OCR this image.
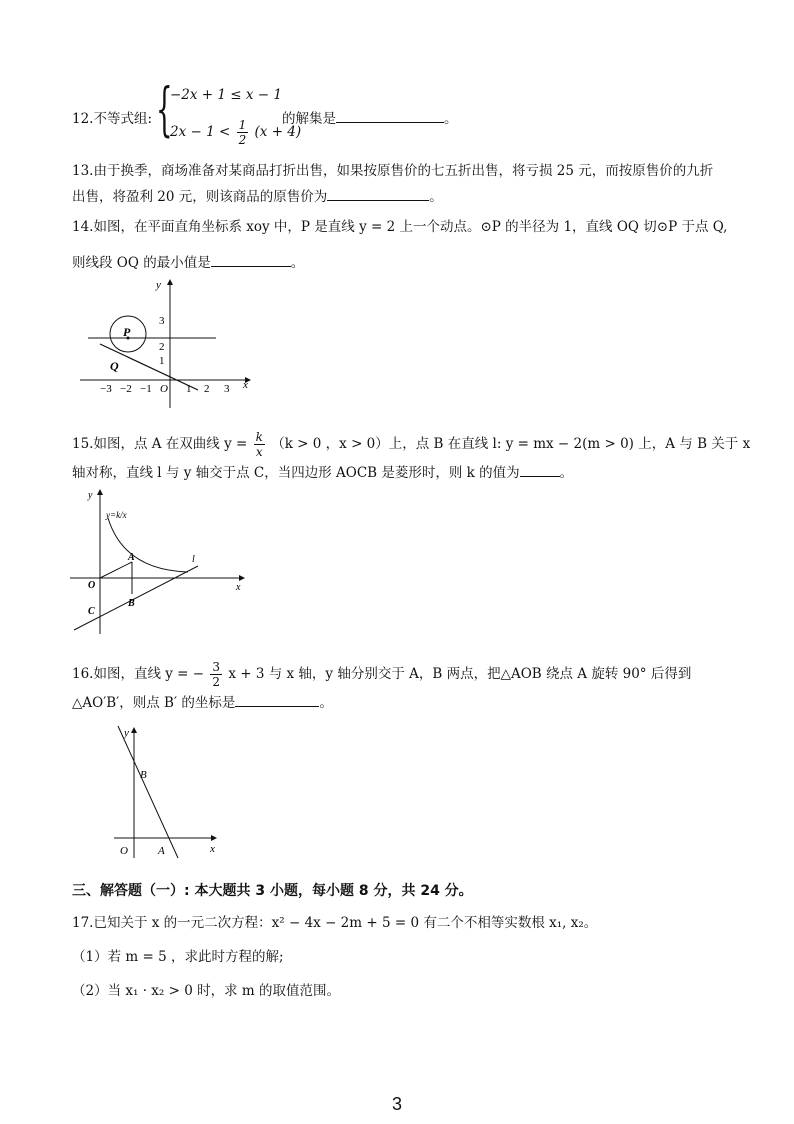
12.不等式组: {
−2x + 1 ≤ x − 1
$2x - 1 < \frac{1}{2} (x + 4)$
的解集是	。
13.由于换季，商场准备对某商品打折出售，如果按原售价的七五折出售，将亏损 25 元，而按原售价的九折
出售，将盈利 20 元，则该商品的原售价为	。
14.如图，在平面直角坐标系 xoy 中，P 是直线 y = 2 上一个动点。⊙P 的半径为 1，直线 OQ 切⊙P 于点 Q,
则线段 OQ 的最小值是	。
y
x
3
2
1
P
Q
O
−3 −2 −1	1 2 3
15.如图，点 A 在双曲线 $y = \frac{k}{x} (k > 0$ ，x > 0）上，点 B 在直线 l: y = mx − 2(m > 0) 上，A 与 B 关于 x
轴对称，直线 l 与 y 轴交于点 C，当四边形 AOCB 是菱形时，则 k 的值为	。
y
x
y=k/x
A
B
C
O
l
16.如图，直线 y = − $\frac{3}{2}$ x + 3 与 x 轴，y 轴分别交于 A，B 两点，把△AOB 绕点 A 旋转 90° 后得到
△AO′B′，则点 B′ 的坐标是	。
y
x
B
O	A
三、解答题（一）: 本大题共 3 小题，每小题 8 分，共 24 分。
17.已知关于 x 的一元二次方程：x² − 4x − 2m + 5 = 0 有二个不相等实数根 x₁, x₂。
（1）若 m = 5 ，求此时方程的解;
（2）当 x₁ · x₂ > 0 时，求 m 的取值范围。
3
